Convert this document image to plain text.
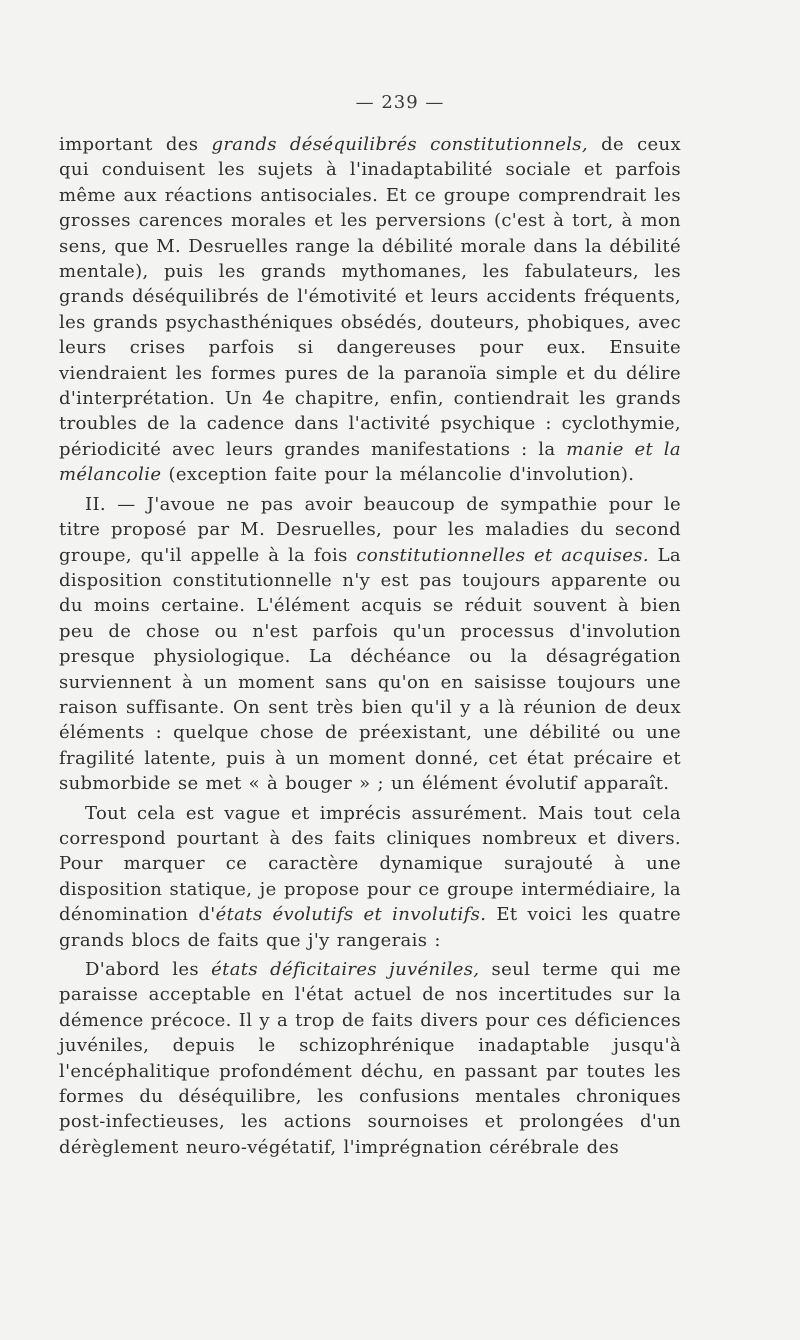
— 239 —

important des grands déséquilibrés constitutionnels, de ceux qui conduisent les sujets à l'inadaptabilité sociale et parfois même aux réactions antisociales. Et ce groupe comprendrait les grosses carences morales et les perversions (c'est à tort, à mon sens, que M. Desruelles range la débilité morale dans la débilité mentale), puis les grands mythomanes, les fabulateurs, les grands déséquilibrés de l'émotivité et leurs accidents fréquents, les grands psychasthéniques obsédés, douteurs, phobiques, avec leurs crises parfois si dangereuses pour eux. Ensuite viendraient les formes pures de la paranoïa simple et du délire d'interprétation. Un 4e chapitre, enfin, contiendrait les grands troubles de la cadence dans l'activité psychique : cyclothymie, périodicité avec leurs grandes manifestations : la manie et la mélancolie (exception faite pour la mélancolie d'involution).

II. — J'avoue ne pas avoir beaucoup de sympathie pour le titre proposé par M. Desruelles, pour les maladies du second groupe, qu'il appelle à la fois constitutionnelles et acquises. La disposition constitutionnelle n'y est pas toujours apparente ou du moins certaine. L'élément acquis se réduit souvent à bien peu de chose ou n'est parfois qu'un processus d'involution presque physiologique. La déchéance ou la désagrégation surviennent à un moment sans qu'on en saisisse toujours une raison suffisante. On sent très bien qu'il y a là réunion de deux éléments : quelque chose de préexistant, une débilité ou une fragilité latente, puis à un moment donné, cet état précaire et submorbide se met « à bouger » ; un élément évolutif apparaît.

Tout cela est vague et imprécis assurément. Mais tout cela correspond pourtant à des faits cliniques nombreux et divers. Pour marquer ce caractère dynamique surajouté à une disposition statique, je propose pour ce groupe intermédiaire, la dénomination d'états évolutifs et involutifs. Et voici les quatre grands blocs de faits que j'y rangerais :

D'abord les états déficitaires juvéniles, seul terme qui me paraisse acceptable en l'état actuel de nos incertitudes sur la démence précoce. Il y a trop de faits divers pour ces déficiences juvéniles, depuis le schizophrénique inadaptable jusqu'à l'encéphalitique profondément déchu, en passant par toutes les formes du déséquilibre, les confusions mentales chroniques post-infectieuses, les actions sournoises et prolongées d'un dérèglement neuro-végétatif, l'imprégnation cérébrale des
